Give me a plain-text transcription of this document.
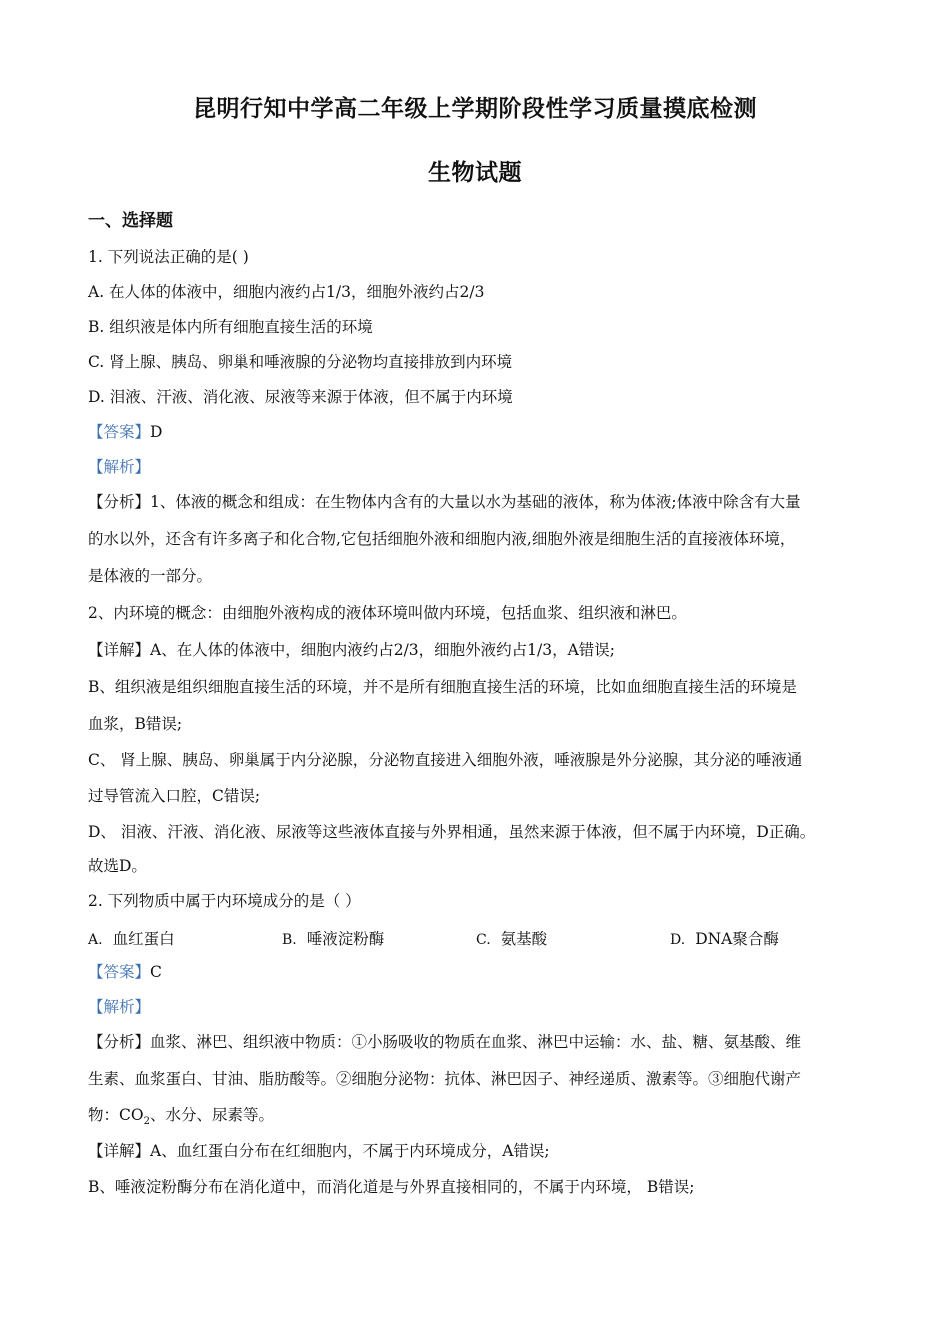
昆明行知中学高二年级上学期阶段性学习质量摸底检测
生物试题
一、选择题
1. 下列说法正确的是( )
A. 在人体的体液中，细胞内液约占1/3，细胞外液约占2/3
B. 组织液是体内所有细胞直接生活的环境
C. 肾上腺、胰岛、卵巢和唾液腺的分泌物均直接排放到内环境
D. 泪液、汗液、消化液、尿液等来源于体液，但不属于内环境
【答案】D
【解析】
【分析】1、体液的概念和组成：在生物体内含有的大量以水为基础的液体，称为体液;体液中除含有大量
的水以外，还含有许多离子和化合物,它包括细胞外液和细胞内液,细胞外液是细胞生活的直接液体环境，
是体液的一部分。
2、内环境的概念：由细胞外液构成的液体环境叫做内环境，包括血浆、组织液和淋巴。
【详解】A、在人体的体液中，细胞内液约占2/3，细胞外液约占1/3，A错误;
B、组织液是组织细胞直接生活的环境，并不是所有细胞直接生活的环境，比如血细胞直接生活的环境是
血浆，B错误;
C、 肾上腺、胰岛、卵巢属于内分泌腺，分泌物直接进入细胞外液，唾液腺是外分泌腺，其分泌的唾液通
过导管流入口腔，C错误;
D、 泪液、汗液、消化液、尿液等这些液体直接与外界相通，虽然来源于体液，但不属于内环境，D正确。
故选D。
2. 下列物质中属于内环境成分的是（ ）
A. 血红蛋白	B. 唾液淀粉酶	C. 氨基酸	D. DNA聚合酶
【答案】C
【解析】
【分析】血浆、淋巴、组织液中物质：①小肠吸收的物质在血浆、淋巴中运输：水、盐、糖、氨基酸、维
生素、血浆蛋白、甘油、脂肪酸等。②细胞分泌物：抗体、淋巴因子、神经递质、激素等。③细胞代谢产
物：$CO_2$、水分、尿素等。
【详解】A、血红蛋白分布在红细胞内，不属于内环境成分，A错误;
B、唾液淀粉酶分布在消化道中，而消化道是与外界直接相同的，不属于内环境， B错误;
